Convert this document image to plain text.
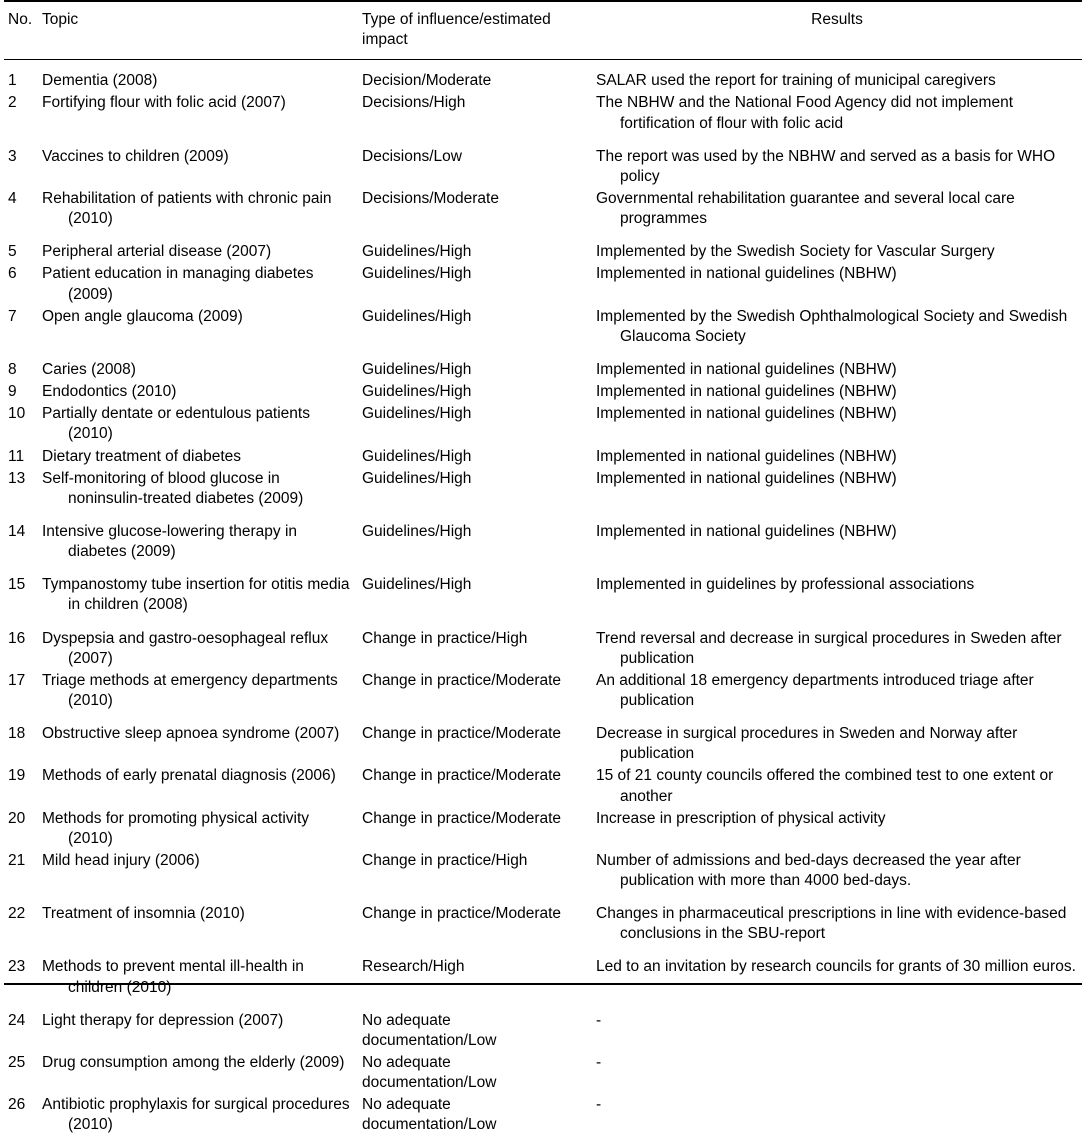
No.	Topic	Type of influence/estimated impact	Results
1	Dementia (2008)	Decision/Moderate	SALAR used the report for training of municipal caregivers

2	Fortifying flour with folic acid (2007)	Decisions/High	The NBHW and the National Food Agency did not implement fortification of flour with folic acid

3	Vaccines to children (2009)	Decisions/Low	The report was used by the NBHW and served as a basis for WHO policy

4	Rehabilitation of patients with chronic pain (2010)	Decisions/Moderate	Governmental rehabilitation guarantee and several local care programmes

5	Peripheral arterial disease (2007)	Guidelines/High	Implemented by the Swedish Society for Vascular Surgery

6	Patient education in managing diabetes (2009)	Guidelines/High	Implemented in national guidelines (NBHW)

7	Open angle glaucoma (2009)	Guidelines/High	Implemented by the Swedish Ophthalmological Society and Swedish Glaucoma Society

8	Caries (2008)	Guidelines/High	Implemented in national guidelines (NBHW)

9	Endodontics (2010)	Guidelines/High	Implemented in national guidelines (NBHW)

10	Partially dentate or edentulous patients (2010)	Guidelines/High	Implemented in national guidelines (NBHW)

11	Dietary treatment of diabetes	Guidelines/High	Implemented in national guidelines (NBHW)

13	Self-monitoring of blood glucose in noninsulin-treated diabetes (2009)	Guidelines/High	Implemented in national guidelines (NBHW)

14	Intensive glucose-lowering therapy in diabetes (2009)	Guidelines/High	Implemented in national guidelines (NBHW)

15	Tympanostomy tube insertion for otitis media in children (2008)	Guidelines/High	Implemented in guidelines by professional associations

16	Dyspepsia and gastro-oesophageal reflux (2007)	Change in practice/High	Trend reversal and decrease in surgical procedures in Sweden after publication

17	Triage methods at emergency departments (2010)	Change in practice/Moderate	An additional 18 emergency departments introduced triage after publication

18	Obstructive sleep apnoea syndrome (2007)	Change in practice/Moderate	Decrease in surgical procedures in Sweden and Norway after publication

19	Methods of early prenatal diagnosis (2006)	Change in practice/Moderate	15 of 21 county councils offered the combined test to one extent or another

20	Methods for promoting physical activity (2010)	Change in practice/Moderate	Increase in prescription of physical activity

21	Mild head injury (2006)	Change in practice/High	Number of admissions and bed-days decreased the year after publication with more than 4000 bed-days.

22	Treatment of insomnia (2010)	Change in practice/Moderate	Changes in pharmaceutical prescriptions in line with evidence-based conclusions in the SBU-report

23	Methods to prevent mental ill-health in children (2010)	Research/High	Led to an invitation by research councils for grants of 30 million euros.

24	Light therapy for depression (2007)	No adequate documentation/Low	-

25	Drug consumption among the elderly (2009)	No adequate documentation/Low	-

26	Antibiotic prophylaxis for surgical procedures (2010)	No adequate documentation/Low	-
